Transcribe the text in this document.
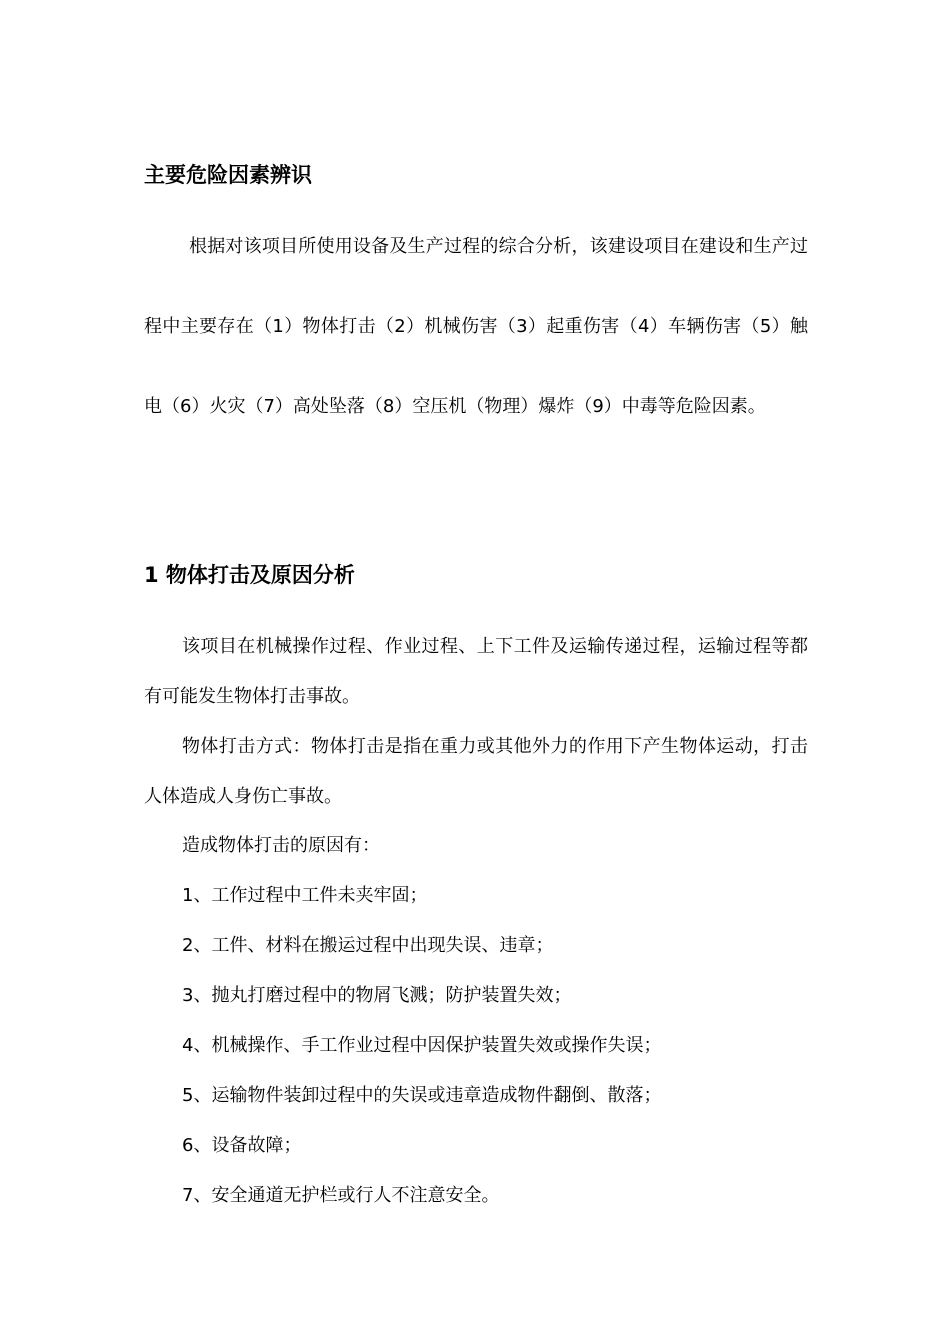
主要危险因素辨识

根据对该项目所使用设备及生产过程的综合分析，该建设项目在建设和生产过程中主要存在（1）物体打击（2）机械伤害（3）起重伤害（4）车辆伤害（5）触电（6）火灾（7）高处坠落（8）空压机（物理）爆炸（9）中毒等危险因素。

1 物体打击及原因分析

该项目在机械操作过程、作业过程、上下工件及运输传递过程，运输过程等都有可能发生物体打击事故。

物体打击方式：物体打击是指在重力或其他外力的作用下产生物体运动，打击人体造成人身伤亡事故。

造成物体打击的原因有：
1、工作过程中工件未夹牢固；
2、工件、材料在搬运过程中出现失误、违章；
3、抛丸打磨过程中的物屑飞溅；防护装置失效；
4、机械操作、手工作业过程中因保护装置失效或操作失误；
5、运输物件装卸过程中的失误或违章造成物件翻倒、散落；
6、设备故障；
7、安全通道无护栏或行人不注意安全。
